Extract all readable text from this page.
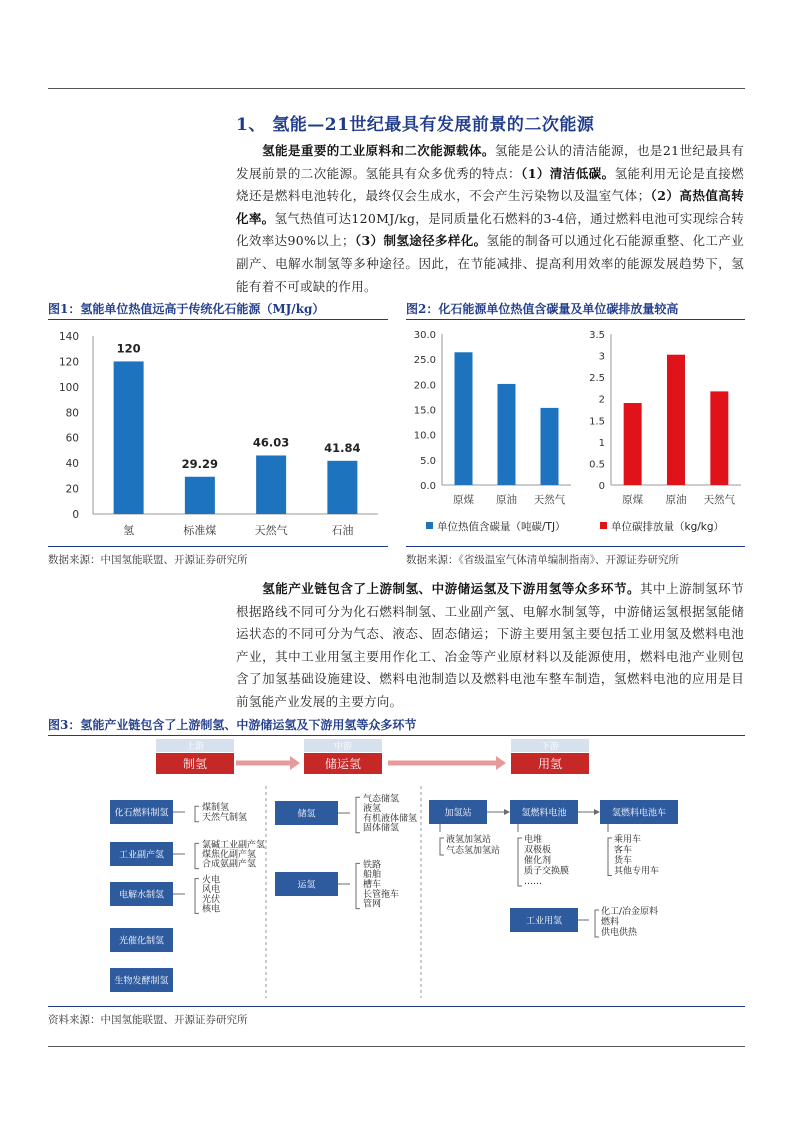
1、 氢能—21世纪最具有发展前景的二次能源
氢能是重要的工业原料和二次能源载体。氢能是公认的清洁能源，也是21世纪最具有发展前景的二次能源。氢能具有众多优秀的特点：（1）清洁低碳。氢能利用无论是直接燃烧还是燃料电池转化，最终仅会生成水，不会产生污染物以及温室气体；（2）高热值高转化率。氢气热值可达120MJ/kg，是同质量化石燃料的3-4倍，通过燃料电池可实现综合转化效率达90%以上；（3）制氢途径多样化。氢能的制备可以通过化石能源重整、化工产业副产、电解水制氢等多种途径。因此，在节能减排、提高利用效率的能源发展趋势下，氢能有着不可或缺的作用。
图1：氢能单位热值远高于传统化石能源（MJ/kg）
0
20
40
60
80
100
120
140
120
氢
29.29
标准煤
46.03
天然气
41.84
石油
数据来源：中国氢能联盟、开源证券研究所
图2：化石能源单位热值含碳量及单位碳排放量较高
0.0
5.0
10.0
15.0
20.0
25.0
30.0
原煤 原油 天然气
0
0.5
1
1.5
2
2.5
3
3.5
原煤 原油 天然气
单位热值含碳量（吨碳/TJ）	单位碳排放量（kg/kg）
数据来源：《省级温室气体清单编制指南》、开源证券研究所
氢能产业链包含了上游制氢、中游储运氢及下游用氢等众多环节。其中上游制氢环节根据路线不同可分为化石燃料制氢、工业副产氢、电解水制氢等，中游储运氢根据氢能储运状态的不同可分为气态、液态、固态储运；下游主要用氢主要包括工业用氢及燃料电池产业，其中工业用氢主要用作化工、冶金等产业原材料以及能源使用，燃料电池产业则包含了加氢基础设施建设、燃料电池制造以及燃料电池车整车制造，氢燃料电池的应用是目前氢能产业发展的主要方向。
图3：氢能产业链包含了上游制氢、中游储运氢及下游用氢等众多环节
上游
制氢
中游
储运氢
下游
用氢
化石燃料制氢
煤制氢
天然气制氢
工业副产氢
氯碱工业副产氢
煤焦化副产氢
合成氨副产氢
电解水制氢
火电
风电
光伏
核电
光催化制氢
生物发酵制氢
储氢
气态储氢
液氢
有机液体储氢
固体储氢
运氢
铁路
船舶
槽车
长管拖车
管网
加氢站	氢燃料电池	氢燃料电池车
工业用氢
液氢加氢站
气态氢加氢站
电堆
双极板
催化剂
质子交换膜
……
乘用车
客车
货车
其他专用车
化工/冶金原料
燃料
供电供热
资料来源：中国氢能联盟、开源证券研究所
